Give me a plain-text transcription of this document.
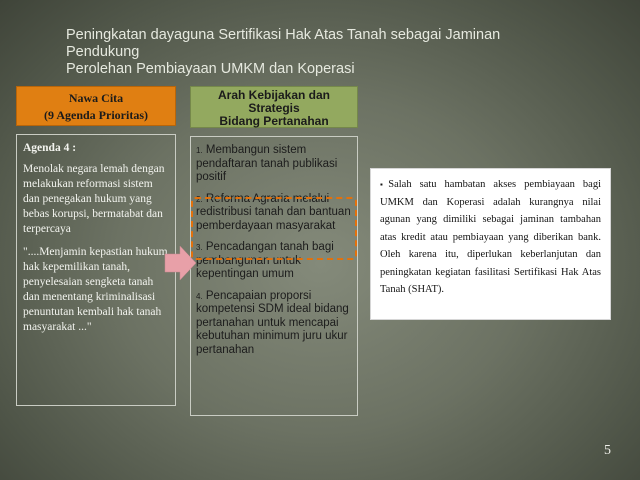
Peningkatan dayaguna Sertifikasi Hak Atas Tanah sebagai Jaminan Pendukung
Perolehan Pembiayaan UMKM dan Koperasi
Nawa Cita
(9 Agenda Prioritas)
Arah Kebijakan dan
Strategis
Bidang Pertanahan

Agenda 4 :

Menolak negara lemah dengan melakukan reformasi sistem dan penegakan hukum yang bebas korupsi, bermatabat dan terpercaya

"....Menjamin kepastian hukum hak kepemilikan tanah, penyelesaian sengketa tanah dan menentang kriminalisasi penuntutan kembali hak tanah masyarakat ..."

1. Membangun sistem pendaftaran tanah publikasi positif
2. Reforma Agraria melalui redistribusi tanah dan bantuan pemberdayaan masyarakat
3. Pencadangan tanah bagi pembangunan untuk kepentingan umum
4. Pencapaian proporsi kompetensi SDM ideal bidang pertanahan untuk mencapai kebutuhan minimum juru ukur pertanahan
▪Salah satu hambatan akses pembiayaan bagi UMKM dan Koperasi adalah kurangnya nilai agunan yang dimiliki sebagai jaminan tambahan atas kredit atau pembiayaan yang diberikan bank. Oleh karena itu, diperlukan keberlanjutan dan peningkatan kegiatan fasilitasi Sertifikasi Hak Atas Tanah (SHAT).
5
